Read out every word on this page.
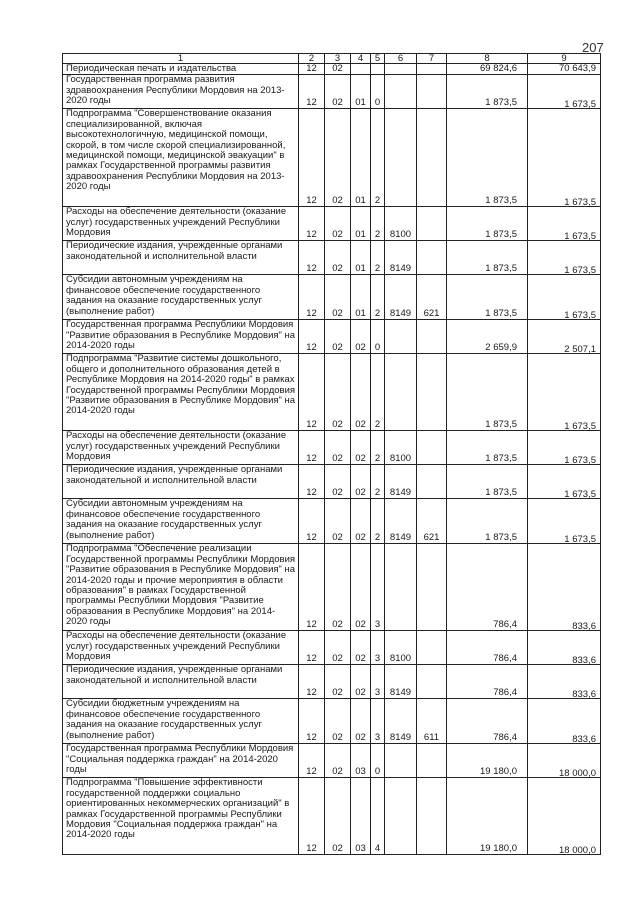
207
1	2	3	4	5	6	7	8	9
Периодическая печать и издательства	12	02					69 824,6	70 643,9
Государственная программа развития здравоохранения Республики Мордовия на 2013-2020 годы	12	02	01	0			1 873,5	1 673,5
Подпрограмма "Совершенствование оказания специализированной, включая высокотехнологичную, медицинской помощи, скорой, в том числе скорой специализированной, медицинской помощи, медицинской эвакуации" в рамках Государственной программы развития здравоохранения Республики Мордовия на 2013-2020 годы	12	02	01	2			1 873,5	1 673,5
Расходы на обеспечение деятельности (оказание услуг) государственных учреждений Республики Мордовия	12	02	01	2	8100		1 873,5	1 673,5
Периодические издания, учрежденные органами законодательной и исполнительной власти	12	02	01	2	8149		1 873,5	1 673,5
Субсидии автономным учреждениям на финансовое обеспечение государственного задания на оказание государственных услуг (выполнение работ)	12	02	01	2	8149	621	1 873,5	1 673,5
Государственная программа Республики Мордовия "Развитие образования в Республике Мордовия" на 2014-2020 годы	12	02	02	0			2 659,9	2 507,1
Подпрограмма "Развитие системы дошкольного, общего и дополнительного образования детей в Республике Мордовия на 2014-2020 годы" в рамках Государственной программы Республики Мордовия "Развитие образования в Республике Мордовия" на 2014-2020 годы	12	02	02	2			1 873,5	1 673,5
Расходы на обеспечение деятельности (оказание услуг) государственных учреждений Республики Мордовия	12	02	02	2	8100		1 873,5	1 673,5
Периодические издания, учрежденные органами законодательной и исполнительной власти	12	02	02	2	8149		1 873,5	1 673,5
Субсидии автономным учреждениям на финансовое обеспечение государственного задания на оказание государственных услуг (выполнение работ)	12	02	02	2	8149	621	1 873,5	1 673,5
Подпрограмма "Обеспечение реализации Государственной программы Республики Мордовия "Развитие образования в Республике Мордовия" на 2014-2020 годы и прочие мероприятия в области образования" в рамках Государственной программы Республики Мордовия "Развитие образования в Республике Мордовия" на 2014-2020 годы	12	02	02	3			786,4	833,6
Расходы на обеспечение деятельности (оказание услуг) государственных учреждений Республики Мордовия	12	02	02	3	8100		786,4	833,6
Периодические издания, учрежденные органами законодательной и исполнительной власти	12	02	02	3	8149		786,4	833,6
Субсидии бюджетным учреждениям на финансовое обеспечение государственного задания на оказание государственных услуг (выполнение работ)	12	02	02	3	8149	611	786,4	833,6
Государственная программа Республики Мордовия "Социальная поддержка граждан" на 2014-2020 годы	12	02	03	0			19 180,0	18 000,0
Подпрограмма "Повышение эффективности государственной поддержки социально ориентированных некоммерческих организаций" в рамках Государственной программы Республики Мордовия "Социальная поддержка граждан" на 2014-2020 годы	12	02	03	4			19 180,0	18 000,0
